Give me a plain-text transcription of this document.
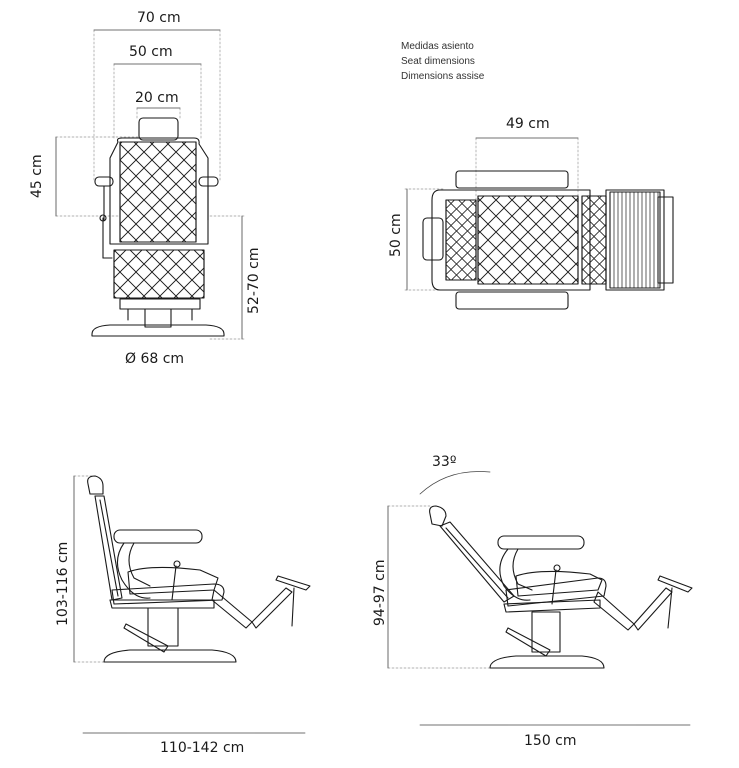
70 cm
50 cm
20 cm
45 cm
52-70 cm
Ø 68 cm
Medidas asiento
Seat dimensions
Dimensions assise
49 cm
50 cm
103-116 cm
110-142 cm
33º
94-97 cm
150 cm
